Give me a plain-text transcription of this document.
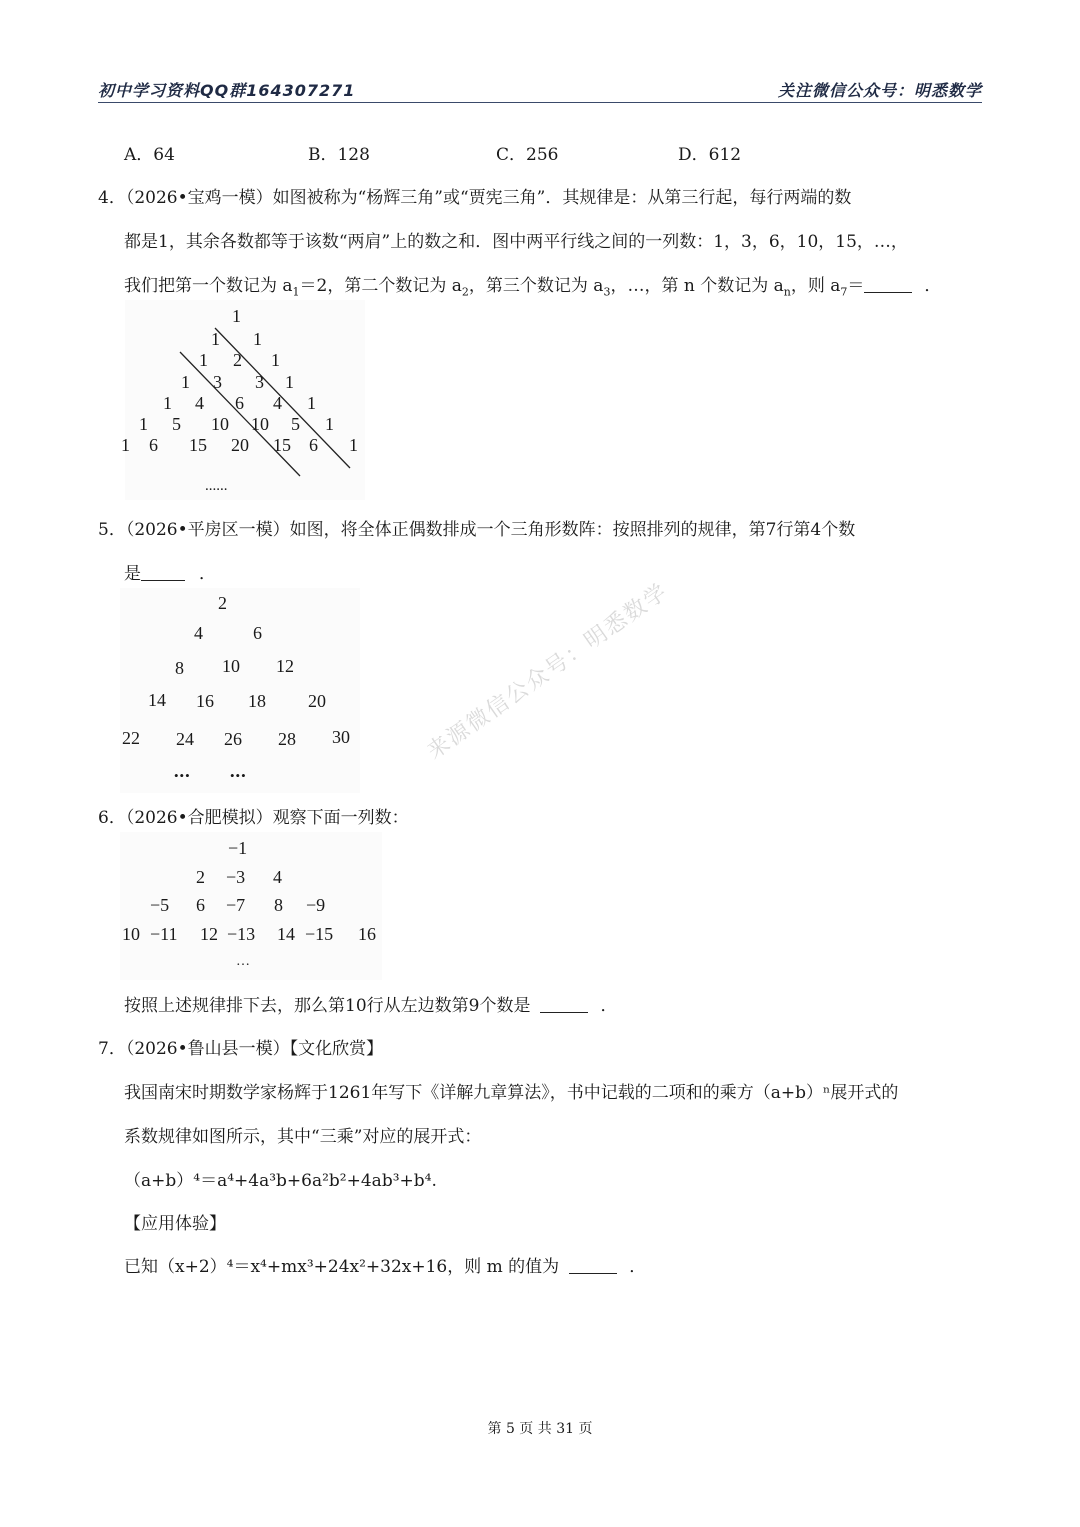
初中学习资料QQ群164307271	关注微信公众号：明悉数学
A．64	B．128	C．256	D．612
4．（2026•宝鸡一模）如图被称为“杨辉三角”或“贾宪三角”．其规律是：从第三行起，每行两端的数
都是1，其余各数都等于该数“两肩”上的数之和．图中两平行线之间的一列数：1，3，6，10，15，…，
我们把第一个数记为 $a_1=2$，第二个数记为 $a_2$，第三个数记为 $a_3$，…，第 n 个数记为 $a_n$，则 $a_7=$	．
1
1 1
1 2 1
1 3 3 1
1 4 6 4 1
1 5 10 10 5 1
1 6 15 20 15 6 1
......
5．（2026•平房区一模）如图，将全体正偶数排成一个三角形数阵：按照排列的规律，第7行第4个数
是	．
2
4	6
8 10 12
14 16 18 20
22 24 26 28 30
•••	•••
来源微信公众号：明悉数学
6．（2026•合肥模拟）观察下面一列数：
−1
2 −3 4
−5 6 −7 8 −9
10 −11 12 −13 14 −15 16
…
按照上述规律排下去，那么第10行从左边数第9个数是	．
7．（2026•鲁山县一模）【文化欣赏】
我国南宋时期数学家杨辉于1261年写下《详解九章算法》，书中记载的二项和的乘方（a+b）ⁿ展开式的
系数规律如图所示，其中“三乘”对应的展开式：
（a+b）⁴＝a⁴+4a³b+6a²b²+4ab³+b⁴.
【应用体验】
已知（x+2）⁴＝x⁴+mx³+24x²+32x+16，则 m 的值为	．
第 5 页 共 31 页
